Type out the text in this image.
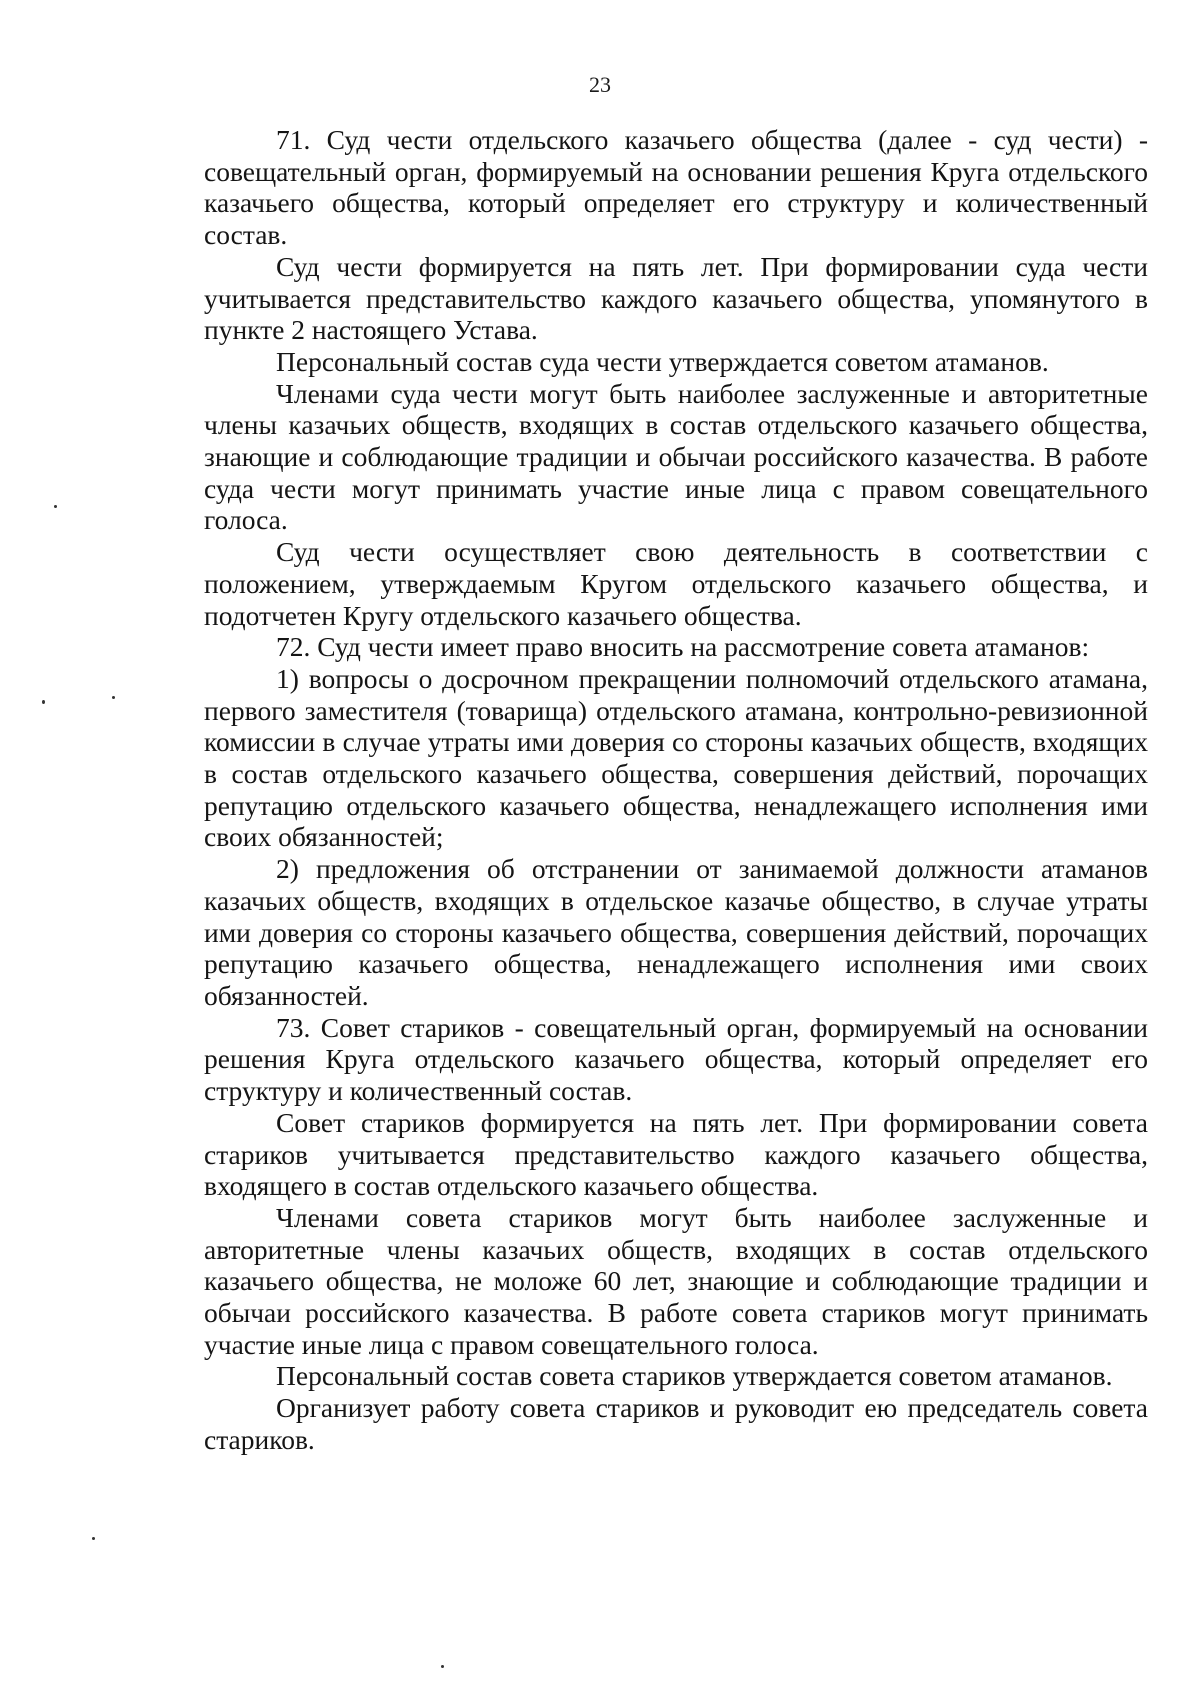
23

71. Суд чести отдельского казачьего общества (далее - суд чести) - совещательный орган, формируемый на основании решения Круга отдельского казачьего общества, который определяет его структуру и количественный состав.

Суд чести формируется на пять лет. При формировании суда чести учитывается представительство каждого казачьего общества, упомянутого в пункте 2 настоящего Устава.

Персональный состав суда чести утверждается советом атаманов.

Членами суда чести могут быть наиболее заслуженные и авторитетные члены казачьих обществ, входящих в состав отдельского казачьего общества, знающие и соблюдающие традиции и обычаи российского казачества. В работе суда чести могут принимать участие иные лица с правом совещательного голоса.

Суд чести осуществляет свою деятельность в соответствии с положением, утверждаемым Кругом отдельского казачьего общества, и подотчетен Кругу отдельского казачьего общества.

72. Суд чести имеет право вносить на рассмотрение совета атаманов:

1) вопросы о досрочном прекращении полномочий отдельского атамана, первого заместителя (товарища) отдельского атамана, контрольно-ревизионной комиссии в случае утраты ими доверия со стороны казачьих обществ, входящих в состав отдельского казачьего общества, совершения действий, порочащих репутацию отдельского казачьего общества, ненадлежащего исполнения ими своих обязанностей;

2) предложения об отстранении от занимаемой должности атаманов казачьих обществ, входящих в отдельское казачье общество, в случае утраты ими доверия со стороны казачьего общества, совершения действий, порочащих репутацию казачьего общества, ненадлежащего исполнения ими своих обязанностей.

73. Совет стариков - совещательный орган, формируемый на основании решения Круга отдельского казачьего общества, который определяет его структуру и количественный состав.

Совет стариков формируется на пять лет. При формировании совета стариков учитывается представительство каждого казачьего общества, входящего в состав отдельского казачьего общества.

Членами совета стариков могут быть наиболее заслуженные и авторитетные члены казачьих обществ, входящих в состав отдельского казачьего общества, не моложе 60 лет, знающие и соблюдающие традиции и обычаи российского казачества. В работе совета стариков могут принимать участие иные лица с правом совещательного голоса.

Персональный состав совета стариков утверждается советом атаманов.

Организует работу совета стариков и руководит ею председатель совета стариков.
